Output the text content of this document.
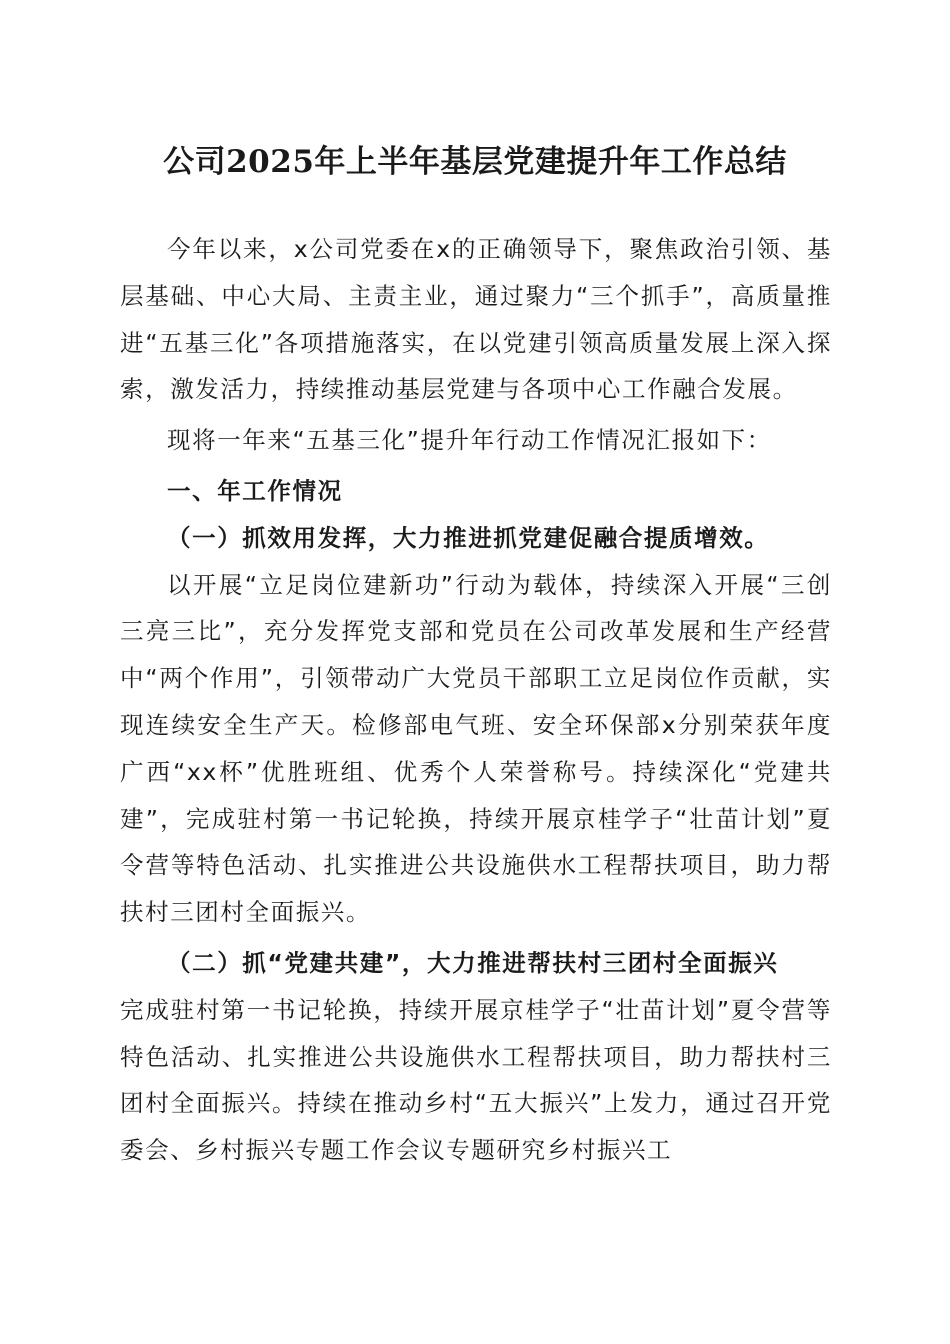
公司2025年上半年基层党建提升年工作总结

今年以来，x公司党委在x的正确领导下，聚焦政治引领、基层基础、中心大局、主责主业，通过聚力“三个抓手”，高质量推进“五基三化”各项措施落实，在以党建引领高质量发展上深入探索，激发活力，持续推动基层党建与各项中心工作融合发展。

现将一年来“五基三化”提升年行动工作情况汇报如下：

一、年工作情况

（一）抓效用发挥，大力推进抓党建促融合提质增效。

以开展“立足岗位建新功”行动为载体，持续深入开展“三创三亮三比”，充分发挥党支部和党员在公司改革发展和生产经营中“两个作用”，引领带动广大党员干部职工立足岗位作贡献，实现连续安全生产天。检修部电气班、安全环保部x分别荣获年度广西“xx杯”优胜班组、优秀个人荣誉称号。持续深化“党建共建”，完成驻村第一书记轮换，持续开展京桂学子“壮苗计划”夏令营等特色活动、扎实推进公共设施供水工程帮扶项目，助力帮扶村三团村全面振兴。

（二）抓“党建共建”，大力推进帮扶村三团村全面振兴

完成驻村第一书记轮换，持续开展京桂学子“壮苗计划”夏令营等特色活动、扎实推进公共设施供水工程帮扶项目，助力帮扶村三团村全面振兴。持续在推动乡村“五大振兴”上发力，通过召开党委会、乡村振兴专题工作会议专题研究乡村振兴工
